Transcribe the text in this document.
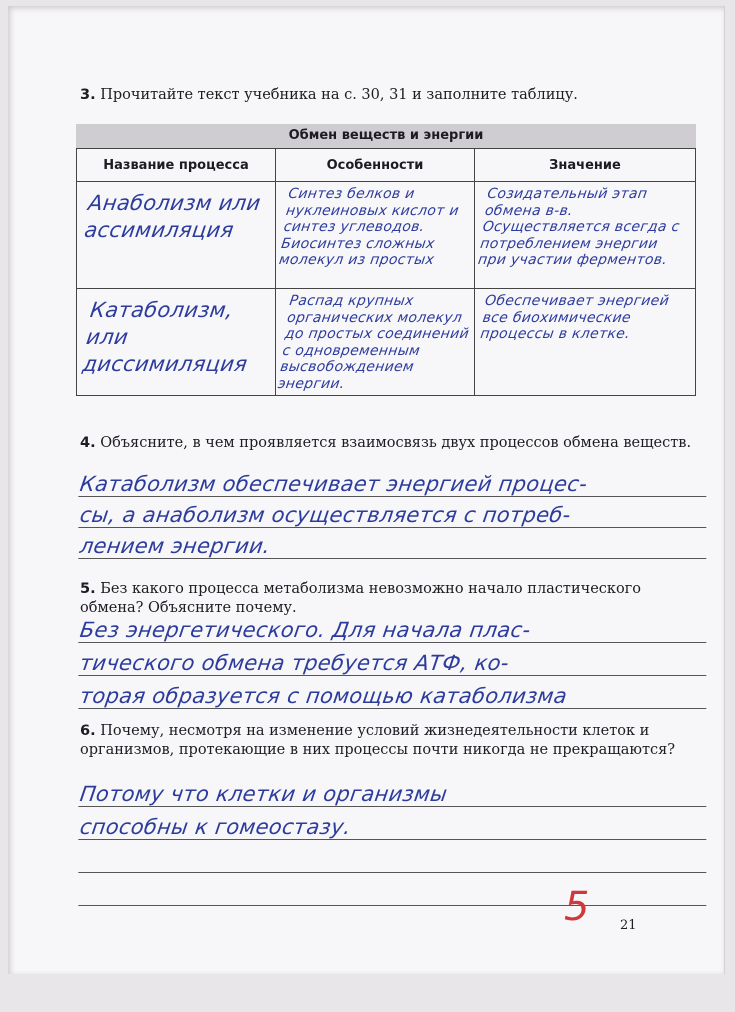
3. Прочитайте текст учебника на с. 30, 31 и заполните таблицу.
Обмен веществ и энергии
Название процесса	Особенности	Значение

Анаболизм или ассимиляция	Синтез белков и нуклеиновых кислот и синтез углеводов. Биосинтез сложных молекул из простых	Созидательный этап обмена в-в. Осуществляется всегда с потреблением энергии при участии ферментов.

Катаболизм, или диссимиляция	Распад крупных органических молекул до простых соединений с одновременным высвобождением энергии.	Обеспечивает энергией все биохимические процессы в клетке.
4. Объясните, в чем проявляется взаимосвязь двух процессов обмена веществ.
Катаболизм обеспечивает энергией процес-
сы, а анаболизм осуществляется с потреб-
лением энергии.
5. Без какого процесса метаболизма невозможно начало пластического обмена? Объясните почему.
Без энергетического. Для начала плас-
тического обмена требуется АТФ, ко-
торая образуется с помощью катаболизма
6. Почему, несмотря на изменение условий жизнедеятельности клеток и организмов, протекающие в них процессы почти никогда не прекращаются?
Потому что клетки и организмы
способны к гомеостазу.
5 21
